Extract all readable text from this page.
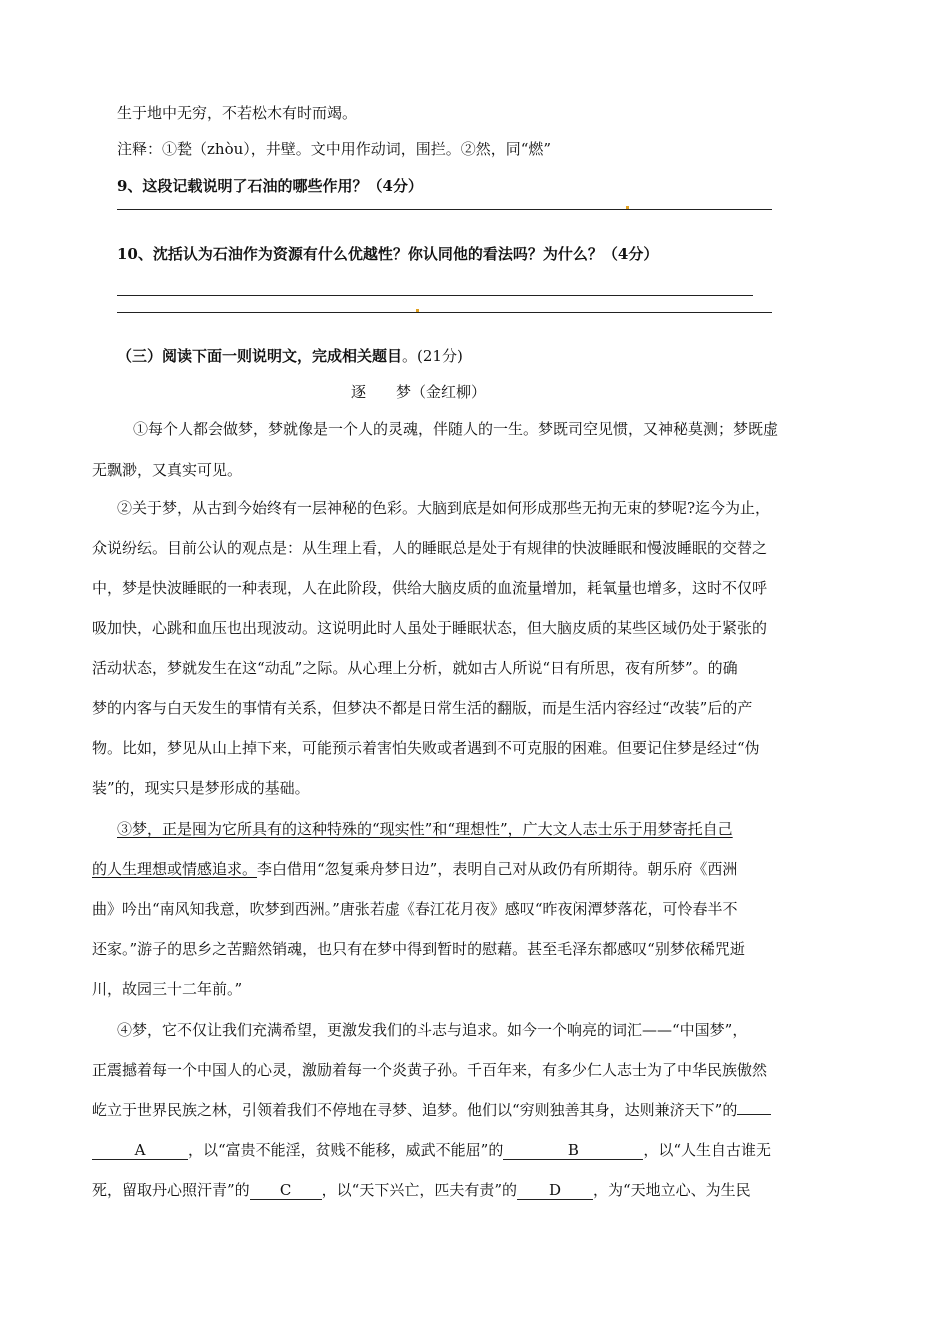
生于地中无穷，不若松木有时而竭。
注释：①甃（zhòu），井壁。文中用作动词，围拦。②然，同“燃”
9、这段记载说明了石油的哪些作用？（4分）
10、沈括认为石油作为资源有什么优越性？你认同他的看法吗？为什么？（4分）
（三）阅读下面一则说明文，完成相关题目。(21分)
逐　　梦（金红柳）
①每个人都会做梦，梦就像是一个人的灵魂，伴随人的一生。梦既司空见惯，又神秘莫测；梦既虚
无飘渺，又真实可见。
②关于梦，从古到今始终有一层神秘的色彩。大脑到底是如何形成那些无拘无束的梦呢?迄今为止，
众说纷纭。目前公认的观点是：从生理上看，人的睡眠总是处于有规律的快波睡眠和慢波睡眠的交替之
中，梦是快波睡眠的一种表现，人在此阶段，供给大脑皮质的血流量增加，耗氧量也增多，这时不仅呼
吸加快，心跳和血压也出现波动。这说明此时人虽处于睡眠状态，但大脑皮质的某些区域仍处于紧张的
活动状态，梦就发生在这“动乱”之际。从心理上分析，就如古人所说“日有所思，夜有所梦”。的确
梦的内客与白天发生的事情有关系，但梦决不都是日常生活的翻版，而是生活内容经过“改装”后的产
物。比如，梦见从山上掉下来，可能预示着害怕失败或者遇到不可克服的困难。但要记住梦是经过“伪
装”的，现实只是梦形成的基础。
③梦，正是囤为它所具有的这种特殊的“现实性”和“理想性”，广大文人志士乐于用梦寄托自己
的人生理想或情感追求。李白借用“忽复乘舟梦日边”，表明自己对从政仍有所期待。朝乐府《西洲
曲》吟出“南风知我意，吹梦到西洲。”唐张若虚《春江花月夜》感叹“昨夜闲潭梦落花，可怜春半不
还家。”游子的思乡之苦黯然销魂，也只有在梦中得到暂时的慰藉。甚至毛泽东都感叹“别梦依稀咒逝
川，故园三十二年前。”
④梦，它不仅让我们充满希望，更激发我们的斗志与追求。如今一个响亮的词汇——“中国梦”，
正震撼着每一个中国人的心灵，激励着每一个炎黄子孙。千百年来，有多少仁人志士为了中华民族傲然
屹立于世界民族之林，引领着我们不停地在寻梦、追梦。他们以“穷则独善其身，达则兼济天下”的
A	，以“富贵不能淫，贫贱不能移，威武不能屈”的	B	，以“人生自古谁无
死，留取丹心照汗青”的 C ，以“天下兴亡，匹夫有责”的 D ，为“天地立心、为生民
